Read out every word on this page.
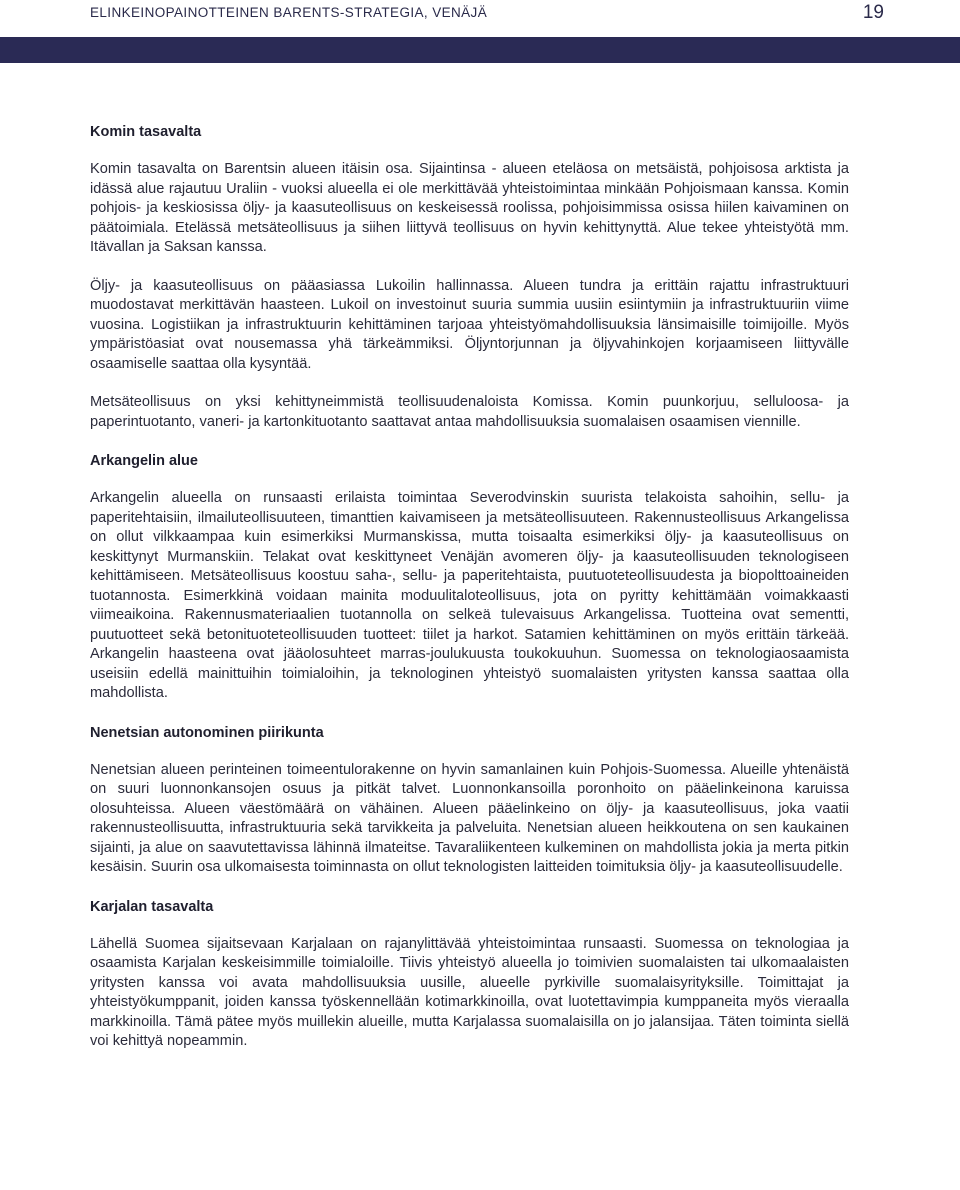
ELINKEINOPAINOTTEINEN BARENTS-STRATEGIA, VENÄJÄ	19
Komin tasavalta

Komin tasavalta on Barentsin alueen itäisin osa. Sijaintinsa - alueen eteläosa on metsäistä, pohjoisosa arktista ja idässä alue rajautuu Uraliin - vuoksi alueella ei ole merkittävää yhteistoimintaa minkään Pohjoismaan kanssa. Komin pohjois- ja keskiosissa öljy- ja kaasuteollisuus on keskeisessä roolissa, pohjoisimmissa osissa hiilen kaivaminen on päätoimiala. Etelässä metsäteollisuus ja siihen liittyvä teollisuus on hyvin kehittynyttä. Alue tekee yhteistyötä mm. Itävallan ja Saksan kanssa.

Öljy- ja kaasuteollisuus on pääasiassa Lukoilin hallinnassa. Alueen tundra ja erittäin rajattu infrastruktuuri muodostavat merkittävän haasteen. Lukoil on investoinut suuria summia uusiin esiintymiin ja infrastruktuuriin viime vuosina. Logistiikan ja infrastruktuurin kehittäminen tarjoaa yhteistyömahdollisuuksia länsimaisille toimijoille. Myös ympäristöasiat ovat nousemassa yhä tärkeämmiksi. Öljyntorjunnan ja öljyvahinkojen korjaamiseen liittyvälle osaamiselle saattaa olla kysyntää.

Metsäteollisuus on yksi kehittyneimmistä teollisuudenaloista Komissa. Komin puunkorjuu, selluloosa- ja paperintuotanto, vaneri- ja kartonkituotanto saattavat antaa mahdollisuuksia suomalaisen osaamisen viennille.

Arkangelin alue

Arkangelin alueella on runsaasti erilaista toimintaa Severodvinskin suurista telakoista sahoihin, sellu- ja paperitehtaisiin, ilmailuteollisuuteen, timanttien kaivamiseen ja metsäteollisuuteen. Rakennusteollisuus Arkangelissa on ollut vilkkaampaa kuin esimerkiksi Murmanskissa, mutta toisaalta esimerkiksi öljy- ja kaasuteollisuus on keskittynyt Murmanskiin. Telakat ovat keskittyneet Venäjän avomeren öljy- ja kaasuteollisuuden teknologiseen kehittämiseen. Metsäteollisuus koostuu saha-, sellu- ja paperitehtaista, puutuoteteollisuudesta ja biopolttoaineiden tuotannosta. Esimerkkinä voidaan mainita moduulitaloteollisuus, jota on pyritty kehittämään voimakkaasti viimeaikoina. Rakennusmateriaalien tuotannolla on selkeä tulevaisuus Arkangelissa. Tuotteina ovat sementti, puutuotteet sekä betonituoteteollisuuden tuotteet: tiilet ja harkot. Satamien kehittäminen on myös erittäin tärkeää. Arkangelin haasteena ovat jääolosuhteet marras-joulukuusta toukokuuhun. Suomessa on teknologiaosaamista useisiin edellä mainittuihin toimialoihin, ja teknologinen yhteistyö suomalaisten yritysten kanssa saattaa olla mahdollista.

Nenetsian autonominen piirikunta

Nenetsian alueen perinteinen toimeentulorakenne on hyvin samanlainen kuin Pohjois-Suomessa. Alueille yhtenäistä on suuri luonnonkansojen osuus ja pitkät talvet. Luonnonkansoilla poronhoito on pääelinkeinona karuissa olosuhteissa. Alueen väestömäärä on vähäinen. Alueen pääelinkeino on öljy- ja kaasuteollisuus, joka vaatii rakennusteollisuutta, infrastruktuuria sekä tarvikkeita ja palveluita. Nenetsian alueen heikkoutena on sen kaukainen sijainti, ja alue on saavutettavissa lähinnä ilmateitse. Tavaraliikenteen kulkeminen on mahdollista jokia ja merta pitkin kesäisin. Suurin osa ulkomaisesta toiminnasta on ollut teknologisten laitteiden toimituksia öljy- ja kaasuteollisuudelle.

Karjalan tasavalta

Lähellä Suomea sijaitsevaan Karjalaan on rajanylittävää yhteistoimintaa runsaasti. Suomessa on teknologiaa ja osaamista Karjalan keskeisimmille toimialoille. Tiivis yhteistyö alueella jo toimivien suomalaisten tai ulkomaalaisten yritysten kanssa voi avata mahdollisuuksia uusille, alueelle pyrkiville suomalaisyrityksille. Toimittajat ja yhteistyökumppanit, joiden kanssa työskennellään kotimarkkinoilla, ovat luotettavimpia kumppaneita myös vieraalla markkinoilla. Tämä pätee myös muillekin alueille, mutta Karjalassa suomalaisilla on jo jalansijaa. Täten toiminta siellä voi kehittyä nopeammin.
